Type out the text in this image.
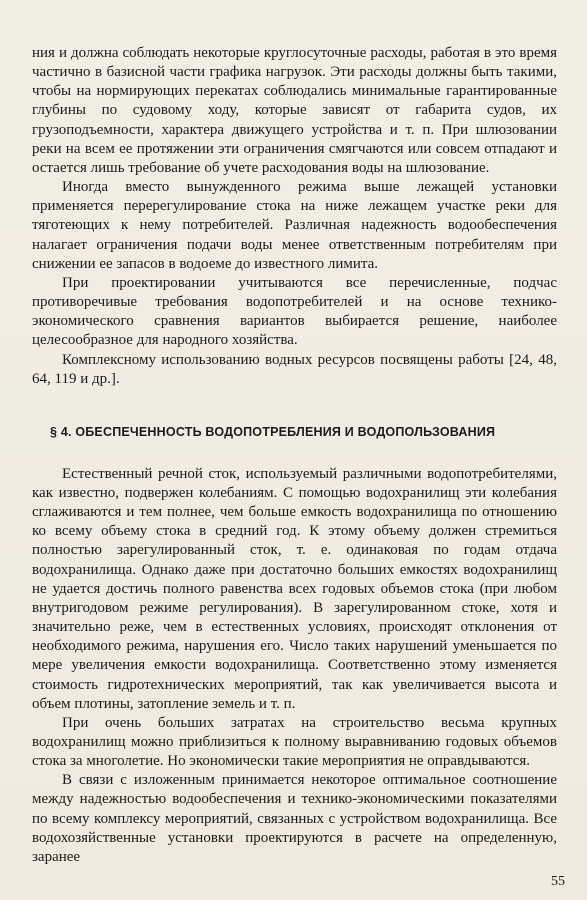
ния и должна соблюдать некоторые круглосуточные расходы, работая в это время частично в базисной части графика нагрузок. Эти расходы должны быть такими, чтобы на нормирующих перекатах соблюдались минимальные гарантированные глубины по судовому ходу, которые зависят от габарита судов, их грузоподъемности, характера движущего устройства и т. п. При шлюзовании реки на всем ее протяжении эти ограничения смягчаются или совсем отпадают и остается лишь требование об учете расходования воды на шлюзование.

Иногда вместо вынужденного режима выше лежащей установки применяется перерегулирование стока на ниже лежащем участке реки для тяготеющих к нему потребителей. Различная надежность водообеспечения налагает ограничения подачи воды менее ответственным потребителям при снижении ее запасов в водоеме до известного лимита.

При проектировании учитываются все перечисленные, подчас противоречивые требования водопотребителей и на основе технико-экономического сравнения вариантов выбирается решение, наиболее целесообразное для народного хозяйства.

Комплексному использованию водных ресурсов посвящены работы [24, 48, 64, 119 и др.].

§ 4. ОБЕСПЕЧЕННОСТЬ ВОДОПОТРЕБЛЕНИЯ И ВОДОПОЛЬЗОВАНИЯ

Естественный речной сток, используемый различными водопотребителями, как известно, подвержен колебаниям. С помощью водохранилищ эти колебания сглаживаются и тем полнее, чем больше емкость водохранилища по отношению ко всему объему стока в средний год. К этому объему должен стремиться полностью зарегулированный сток, т. е. одинаковая по годам отдача водохранилища. Однако даже при достаточно больших емкостях водохранилищ не удается достичь полного равенства всех годовых объемов стока (при любом внутригодовом режиме регулирования). В зарегулированном стоке, хотя и значительно реже, чем в естественных условиях, происходят отклонения от необходимого режима, нарушения его. Число таких нарушений уменьшается по мере увеличения емкости водохранилища. Соответственно этому изменяется стоимость гидротехнических мероприятий, так как увеличивается высота и объем плотины, затопление земель и т. п.

При очень больших затратах на строительство весьма крупных водохранилищ можно приблизиться к полному выравниванию годовых объемов стока за многолетие. Но экономически такие мероприятия не оправдываются.

В связи с изложенным принимается некоторое оптимальное соотношение между надежностью водообеспечения и технико-экономическими показателями по всему комплексу мероприятий, связанных с устройством водохранилища. Все водохозяйственные установки проектируются в расчете на определенную, заранее

55
